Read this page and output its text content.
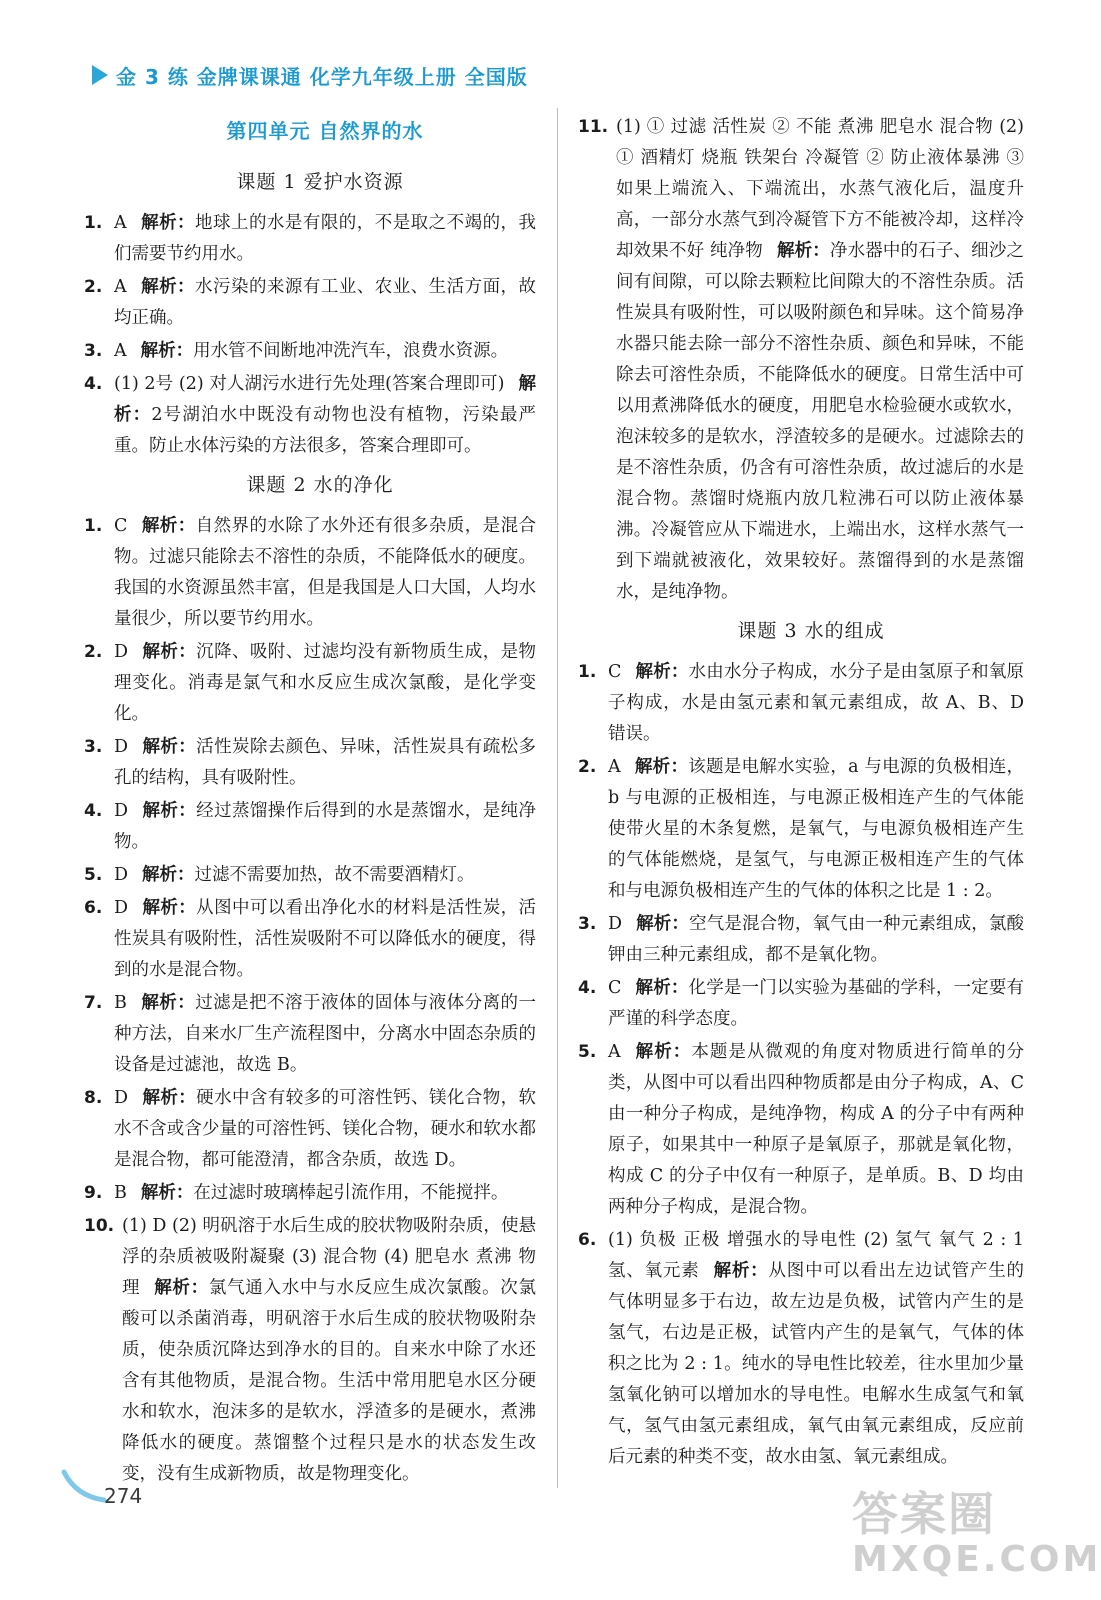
金 3 练 金牌课课通 化学九年级上册 全国版
第四单元 自然界的水
课题 1 爱护水资源
1. A 解析：地球上的水是有限的，不是取之不竭的，我们需要节约用水。
2. A 解析：水污染的来源有工业、农业、生活方面，故均正确。
3. A 解析：用水管不间断地冲洗汽车，浪费水资源。
4. (1) 2号 (2) 对人湖污水进行先处理(答案合理即可) 解析：2号湖泊水中既没有动物也没有植物，污染最严重。防止水体污染的方法很多，答案合理即可。
课题 2 水的净化
1. C 解析：自然界的水除了水外还有很多杂质，是混合物。过滤只能除去不溶性的杂质，不能降低水的硬度。我国的水资源虽然丰富，但是我国是人口大国，人均水量很少，所以要节约用水。
2. D 解析：沉降、吸附、过滤均没有新物质生成，是物理变化。消毒是氯气和水反应生成次氯酸，是化学变化。
3. D 解析：活性炭除去颜色、异味，活性炭具有疏松多孔的结构，具有吸附性。
4. D 解析：经过蒸馏操作后得到的水是蒸馏水，是纯净物。
5. D 解析：过滤不需要加热，故不需要酒精灯。
6. D 解析：从图中可以看出净化水的材料是活性炭，活性炭具有吸附性，活性炭吸附不可以降低水的硬度，得到的水是混合物。
7. B 解析：过滤是把不溶于液体的固体与液体分离的一种方法，自来水厂生产流程图中，分离水中固态杂质的设备是过滤池，故选 B。
8. D 解析：硬水中含有较多的可溶性钙、镁化合物，软水不含或含少量的可溶性钙、镁化合物，硬水和软水都是混合物，都可能澄清，都含杂质，故选 D。
9. B 解析：在过滤时玻璃棒起引流作用，不能搅拌。
10. (1) D (2) 明矾溶于水后生成的胶状物吸附杂质，使悬浮的杂质被吸附凝聚 (3) 混合物 (4) 肥皂水 煮沸 物理 解析：氯气通入水中与水反应生成次氯酸。次氯酸可以杀菌消毒，明矾溶于水后生成的胶状物吸附杂质，使杂质沉降达到净水的目的。自来水中除了水还含有其他物质，是混合物。生活中常用肥皂水区分硬水和软水，泡沫多的是软水，浮渣多的是硬水，煮沸降低水的硬度。蒸馏整个过程只是水的状态发生改变，没有生成新物质，故是物理变化。
11. (1) ① 过滤 活性炭 ② 不能 煮沸 肥皂水 混合物 (2) ① 酒精灯 烧瓶 铁架台 冷凝管 ② 防止液体暴沸 ③ 如果上端流入、下端流出，水蒸气液化后，温度升高，一部分水蒸气到冷凝管下方不能被冷却，这样冷却效果不好 纯净物 解析：净水器中的石子、细沙之间有间隙，可以除去颗粒比间隙大的不溶性杂质。活性炭具有吸附性，可以吸附颜色和异味。这个简易净水器只能去除一部分不溶性杂质、颜色和异味，不能除去可溶性杂质，不能降低水的硬度。日常生活中可以用煮沸降低水的硬度，用肥皂水检验硬水或软水，泡沫较多的是软水，浮渣较多的是硬水。过滤除去的是不溶性杂质，仍含有可溶性杂质，故过滤后的水是混合物。蒸馏时烧瓶内放几粒沸石可以防止液体暴沸。冷凝管应从下端进水，上端出水，这样水蒸气一到下端就被液化，效果较好。蒸馏得到的水是蒸馏水，是纯净物。
课题 3 水的组成
1. C 解析：水由水分子构成，水分子是由氢原子和氧原子构成，水是由氢元素和氧元素组成，故 A、B、D 错误。
2. A 解析：该题是电解水实验，a 与电源的负极相连，b 与电源的正极相连，与电源正极相连产生的气体能使带火星的木条复燃，是氧气，与电源负极相连产生的气体能燃烧，是氢气，与电源正极相连产生的气体和与电源负极相连产生的气体的体积之比是 1 : 2。
3. D 解析：空气是混合物，氧气由一种元素组成，氯酸钾由三种元素组成，都不是氧化物。
4. C 解析：化学是一门以实验为基础的学科，一定要有严谨的科学态度。
5. A 解析：本题是从微观的角度对物质进行简单的分类，从图中可以看出四种物质都是由分子构成，A、C 由一种分子构成，是纯净物，构成 A 的分子中有两种原子，如果其中一种原子是氧原子，那就是氧化物，构成 C 的分子中仅有一种原子，是单质。B、D 均由两种分子构成，是混合物。
6. (1) 负极 正极 增强水的导电性 (2) 氢气 氧气 2 : 1 氢、氧元素 解析：从图中可以看出左边试管产生的气体明显多于右边，故左边是负极，试管内产生的是氢气，右边是正极，试管内产生的是氧气，气体的体积之比为 2 : 1。纯水的导电性比较差，往水里加少量氢氧化钠可以增加水的导电性。电解水生成氢气和氧气，氢气由氢元素组成，氧气由氧元素组成，反应前后元素的种类不变，故水由氢、氧元素组成。
274	答案圈
MXQE.COM
